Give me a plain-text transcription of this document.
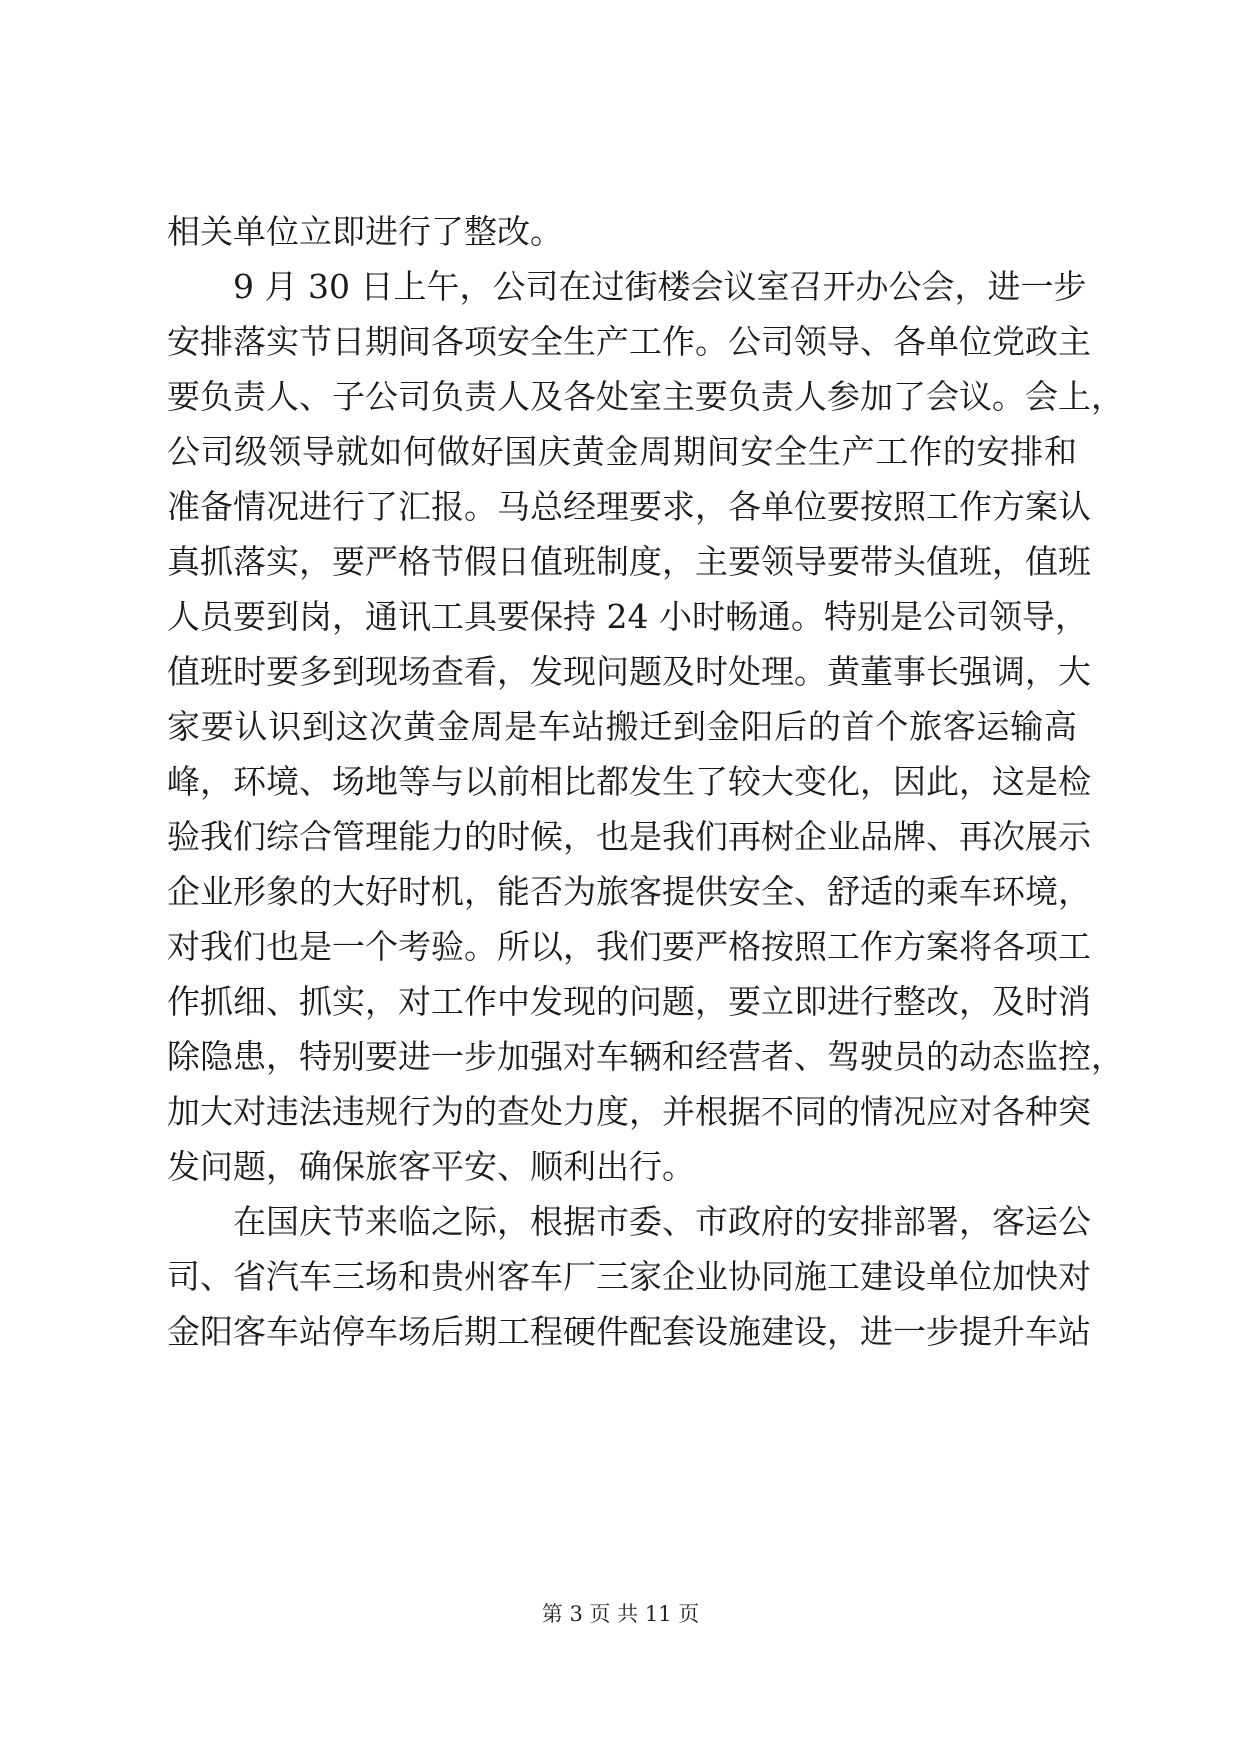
相关单位立即进行了整改。
9 月 30 日上午，公司在过街楼会议室召开办公会，进一步
安排落实节日期间各项安全生产工作。公司领导、各单位党政主
要负责人、子公司负责人及各处室主要负责人参加了会议。会上，
公司级领导就如何做好国庆黄金周期间安全生产工作的安排和
准备情况进行了汇报。马总经理要求，各单位要按照工作方案认
真抓落实，要严格节假日值班制度，主要领导要带头值班，值班
人员要到岗，通讯工具要保持 24 小时畅通。特别是公司领导，
值班时要多到现场查看，发现问题及时处理。黄董事长强调，大
家要认识到这次黄金周是车站搬迁到金阳后的首个旅客运输高
峰，环境、场地等与以前相比都发生了较大变化，因此，这是检
验我们综合管理能力的时候，也是我们再树企业品牌、再次展示
企业形象的大好时机，能否为旅客提供安全、舒适的乘车环境，
对我们也是一个考验。所以，我们要严格按照工作方案将各项工
作抓细、抓实，对工作中发现的问题，要立即进行整改，及时消
除隐患，特别要进一步加强对车辆和经营者、驾驶员的动态监控，
加大对违法违规行为的查处力度，并根据不同的情况应对各种突
发问题，确保旅客平安、顺利出行。
在国庆节来临之际，根据市委、市政府的安排部署，客运公
司、省汽车三场和贵州客车厂三家企业协同施工建设单位加快对
金阳客车站停车场后期工程硬件配套设施建设，进一步提升车站
第 3 页 共 11 页
